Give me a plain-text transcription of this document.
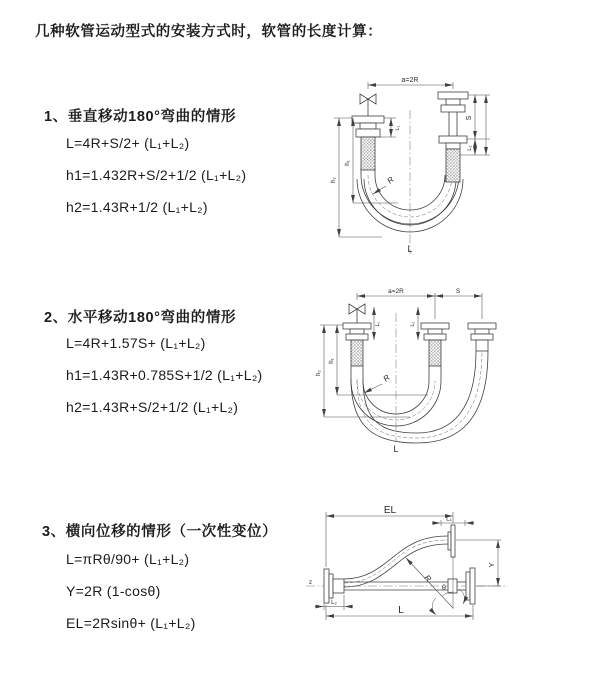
几种软管运动型式的安装方式时，软管的长度计算：
1、垂直移动180°弯曲的情形
L=4R+S/2+ (L₁+L₂)
h1=1.432R+S/2+1/2 (L₁+L₂)
h2=1.43R+1/2 (L₁+L₂)
2、水平移动180°弯曲的情形
L=4R+1.57S+ (L₁+L₂)
h1=1.43R+0.785S+1/2 (L₁+L₂)
h2=1.43R+S/2+1/2 (L₁+L₂)
3、横向位移的情形（一次性变位）
L=πRθ/90+ (L₁+L₂)
Y=2R (1-cosθ)
EL=2Rsinθ+ (L₁+L₂)
a=2R
S
L₂
h₁
h₂
L₁
R
L
a=2R	S
h₁
h₂
L₁	L₂
R
L
z
EL
L₁
Y
R
θ
L
L₂
